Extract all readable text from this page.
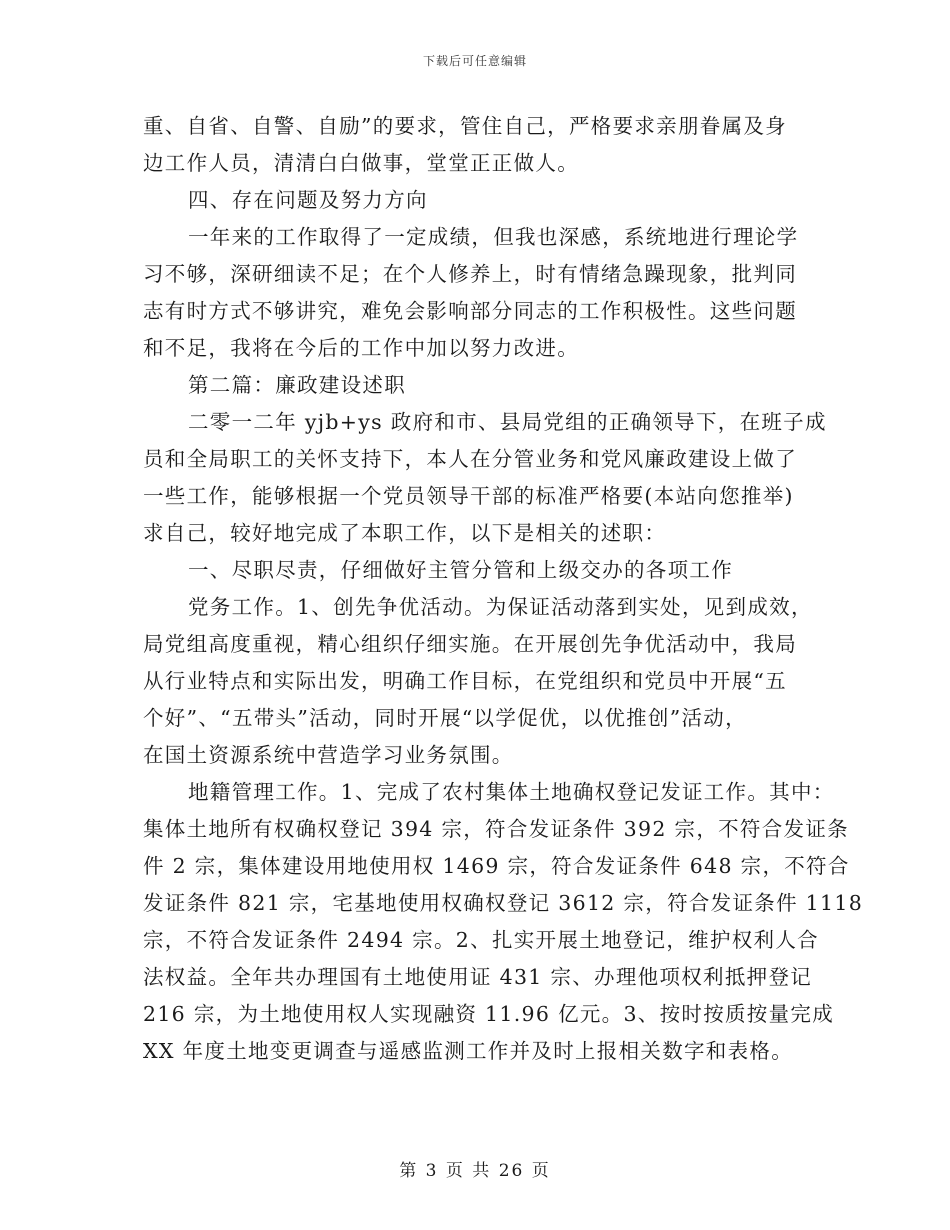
下载后可任意编辑
重、自省、自警、自励”的要求，管住自己，严格要求亲朋眷属及身
边工作人员，清清白白做事，堂堂正正做人。
四、存在问题及努力方向
一年来的工作取得了一定成绩，但我也深感，系统地进行理论学
习不够，深研细读不足；在个人修养上，时有情绪急躁现象，批判同
志有时方式不够讲究，难免会影响部分同志的工作积极性。这些问题
和不足，我将在今后的工作中加以努力改进。
第二篇：廉政建设述职
二零一二年 yjb+ys 政府和市、县局党组的正确领导下，在班子成
员和全局职工的关怀支持下，本人在分管业务和党风廉政建设上做了
一些工作，能够根据一个党员领导干部的标准严格要(本站向您推举)
求自己，较好地完成了本职工作，以下是相关的述职：
一、尽职尽责，仔细做好主管分管和上级交办的各项工作
党务工作。1、创先争优活动。为保证活动落到实处，见到成效，
局党组高度重视，精心组织仔细实施。在开展创先争优活动中，我局
从行业特点和实际出发，明确工作目标，在党组织和党员中开展“五
个好”、“五带头”活动，同时开展“以学促优，以优推创”活动，
在国土资源系统中营造学习业务氛围。
地籍管理工作。1、完成了农村集体土地确权登记发证工作。其中：
集体土地所有权确权登记 394 宗，符合发证条件 392 宗，不符合发证条
件 2 宗，集体建设用地使用权 1469 宗，符合发证条件 648 宗，不符合
发证条件 821 宗，宅基地使用权确权登记 3612 宗，符合发证条件 1118
宗，不符合发证条件 2494 宗。2、扎实开展土地登记，维护权利人合
法权益。全年共办理国有土地使用证 431 宗、办理他项权利抵押登记
216 宗，为土地使用权人实现融资 11.96 亿元。3、按时按质按量完成
XX 年度土地变更调查与遥感监测工作并及时上报相关数字和表格。
第 3 页 共 26 页
